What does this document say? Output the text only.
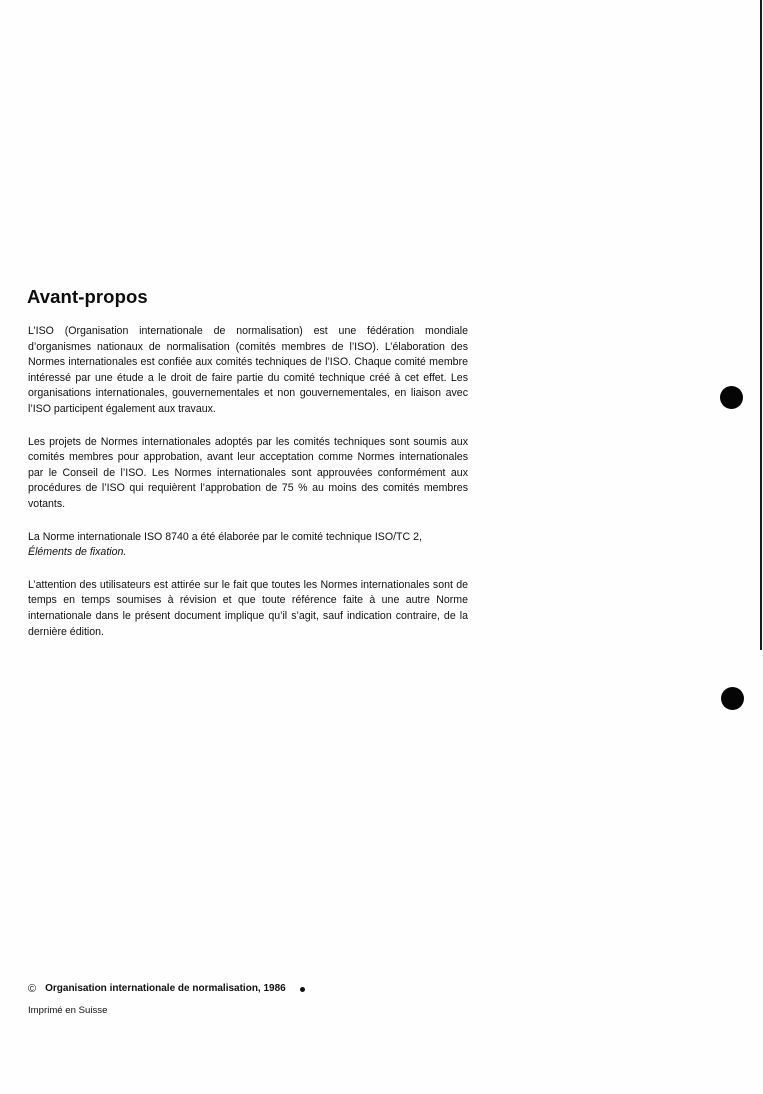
Avant-propos

L’ISO (Organisation internationale de normalisation) est une fédération mondiale d’organismes nationaux de normalisation (comités membres de l’ISO). L’élaboration des Normes internationales est confiée aux comités techniques de l’ISO. Chaque comité membre intéressé par une étude a le droit de faire partie du comité technique créé à cet effet. Les organisations internationales, gouvernementales et non gouvernementales, en liaison avec l’ISO participent également aux travaux.

Les projets de Normes internationales adoptés par les comités techniques sont soumis aux comités membres pour approbation, avant leur acceptation comme Normes internationales par le Conseil de l’ISO. Les Normes internationales sont approuvées conformément aux procédures de l’ISO qui requièrent l’approbation de 75 % au moins des comités membres votants.

La Norme internationale ISO 8740 a été élaborée par le comité technique ISO/TC 2,
Éléments de fixation.

L’attention des utilisateurs est attirée sur le fait que toutes les Normes internationales sont de temps en temps soumises à révision et que toute référence faite à une autre Norme internationale dans le présent document implique qu’il s’agit, sauf indication contraire, de la dernière édition.

© Organisation internationale de normalisation, 1986
Imprimé en Suisse
